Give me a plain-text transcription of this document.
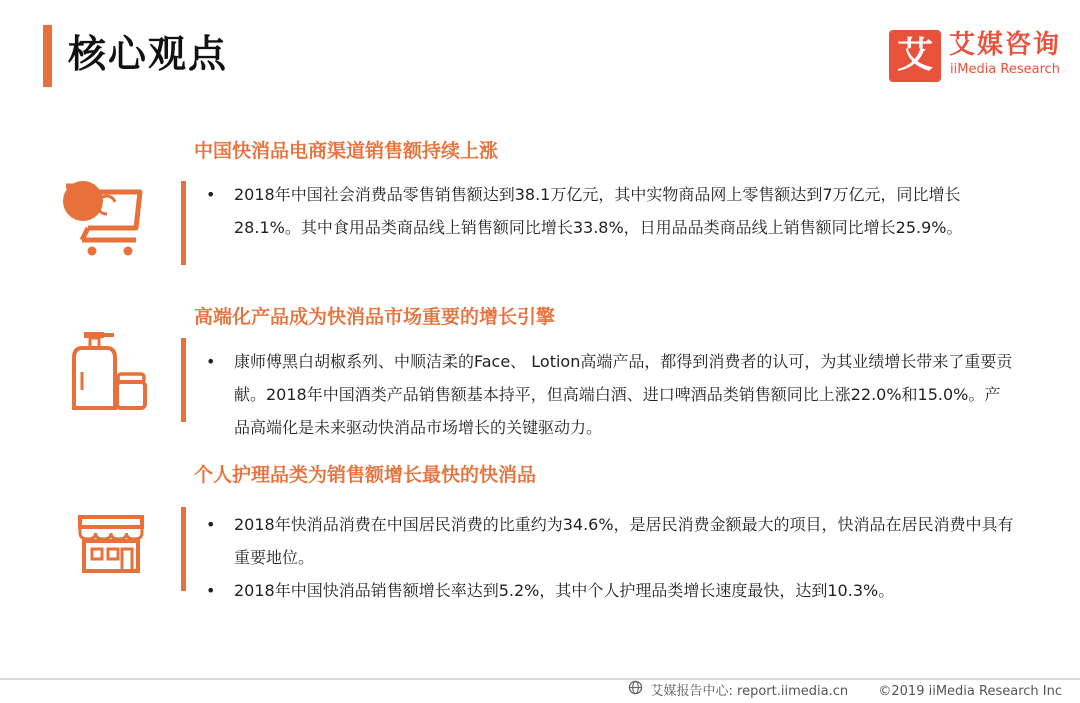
核心观点	艾 艾媒咨询
iiMedia Research
中国快消品电商渠道销售额持续上涨
• 2018年中国社会消费品零售销售额达到38.1万亿元，其中实物商品网上零售额达到7万亿元，同比增长28.1%。其中食用品类商品线上销售额同比增长33.8%，日用品品类商品线上销售额同比增长25.9%。
高端化产品成为快消品市场重要的增长引擎
• 康师傅黑白胡椒系列、中顺洁柔的Face、 Lotion高端产品，都得到消费者的认可，为其业绩增长带来了重要贡献。2018年中国酒类产品销售额基本持平，但高端白酒、进口啤酒品类销售额同比上涨22.0%和15.0%。产品高端化是未来驱动快消品市场增长的关键驱动力。
个人护理品类为销售额增长最快的快消品
• 2018年快消品消费在中国居民消费的比重约为34.6%，是居民消费金额最大的项目，快消品在居民消费中具有重要地位。
• 2018年中国快消品销售额增长率达到5.2%，其中个人护理品类增长速度最快，达到10.3%。
艾媒报告中心: report.iimedia.cn ©2019 iiMedia Research Inc
